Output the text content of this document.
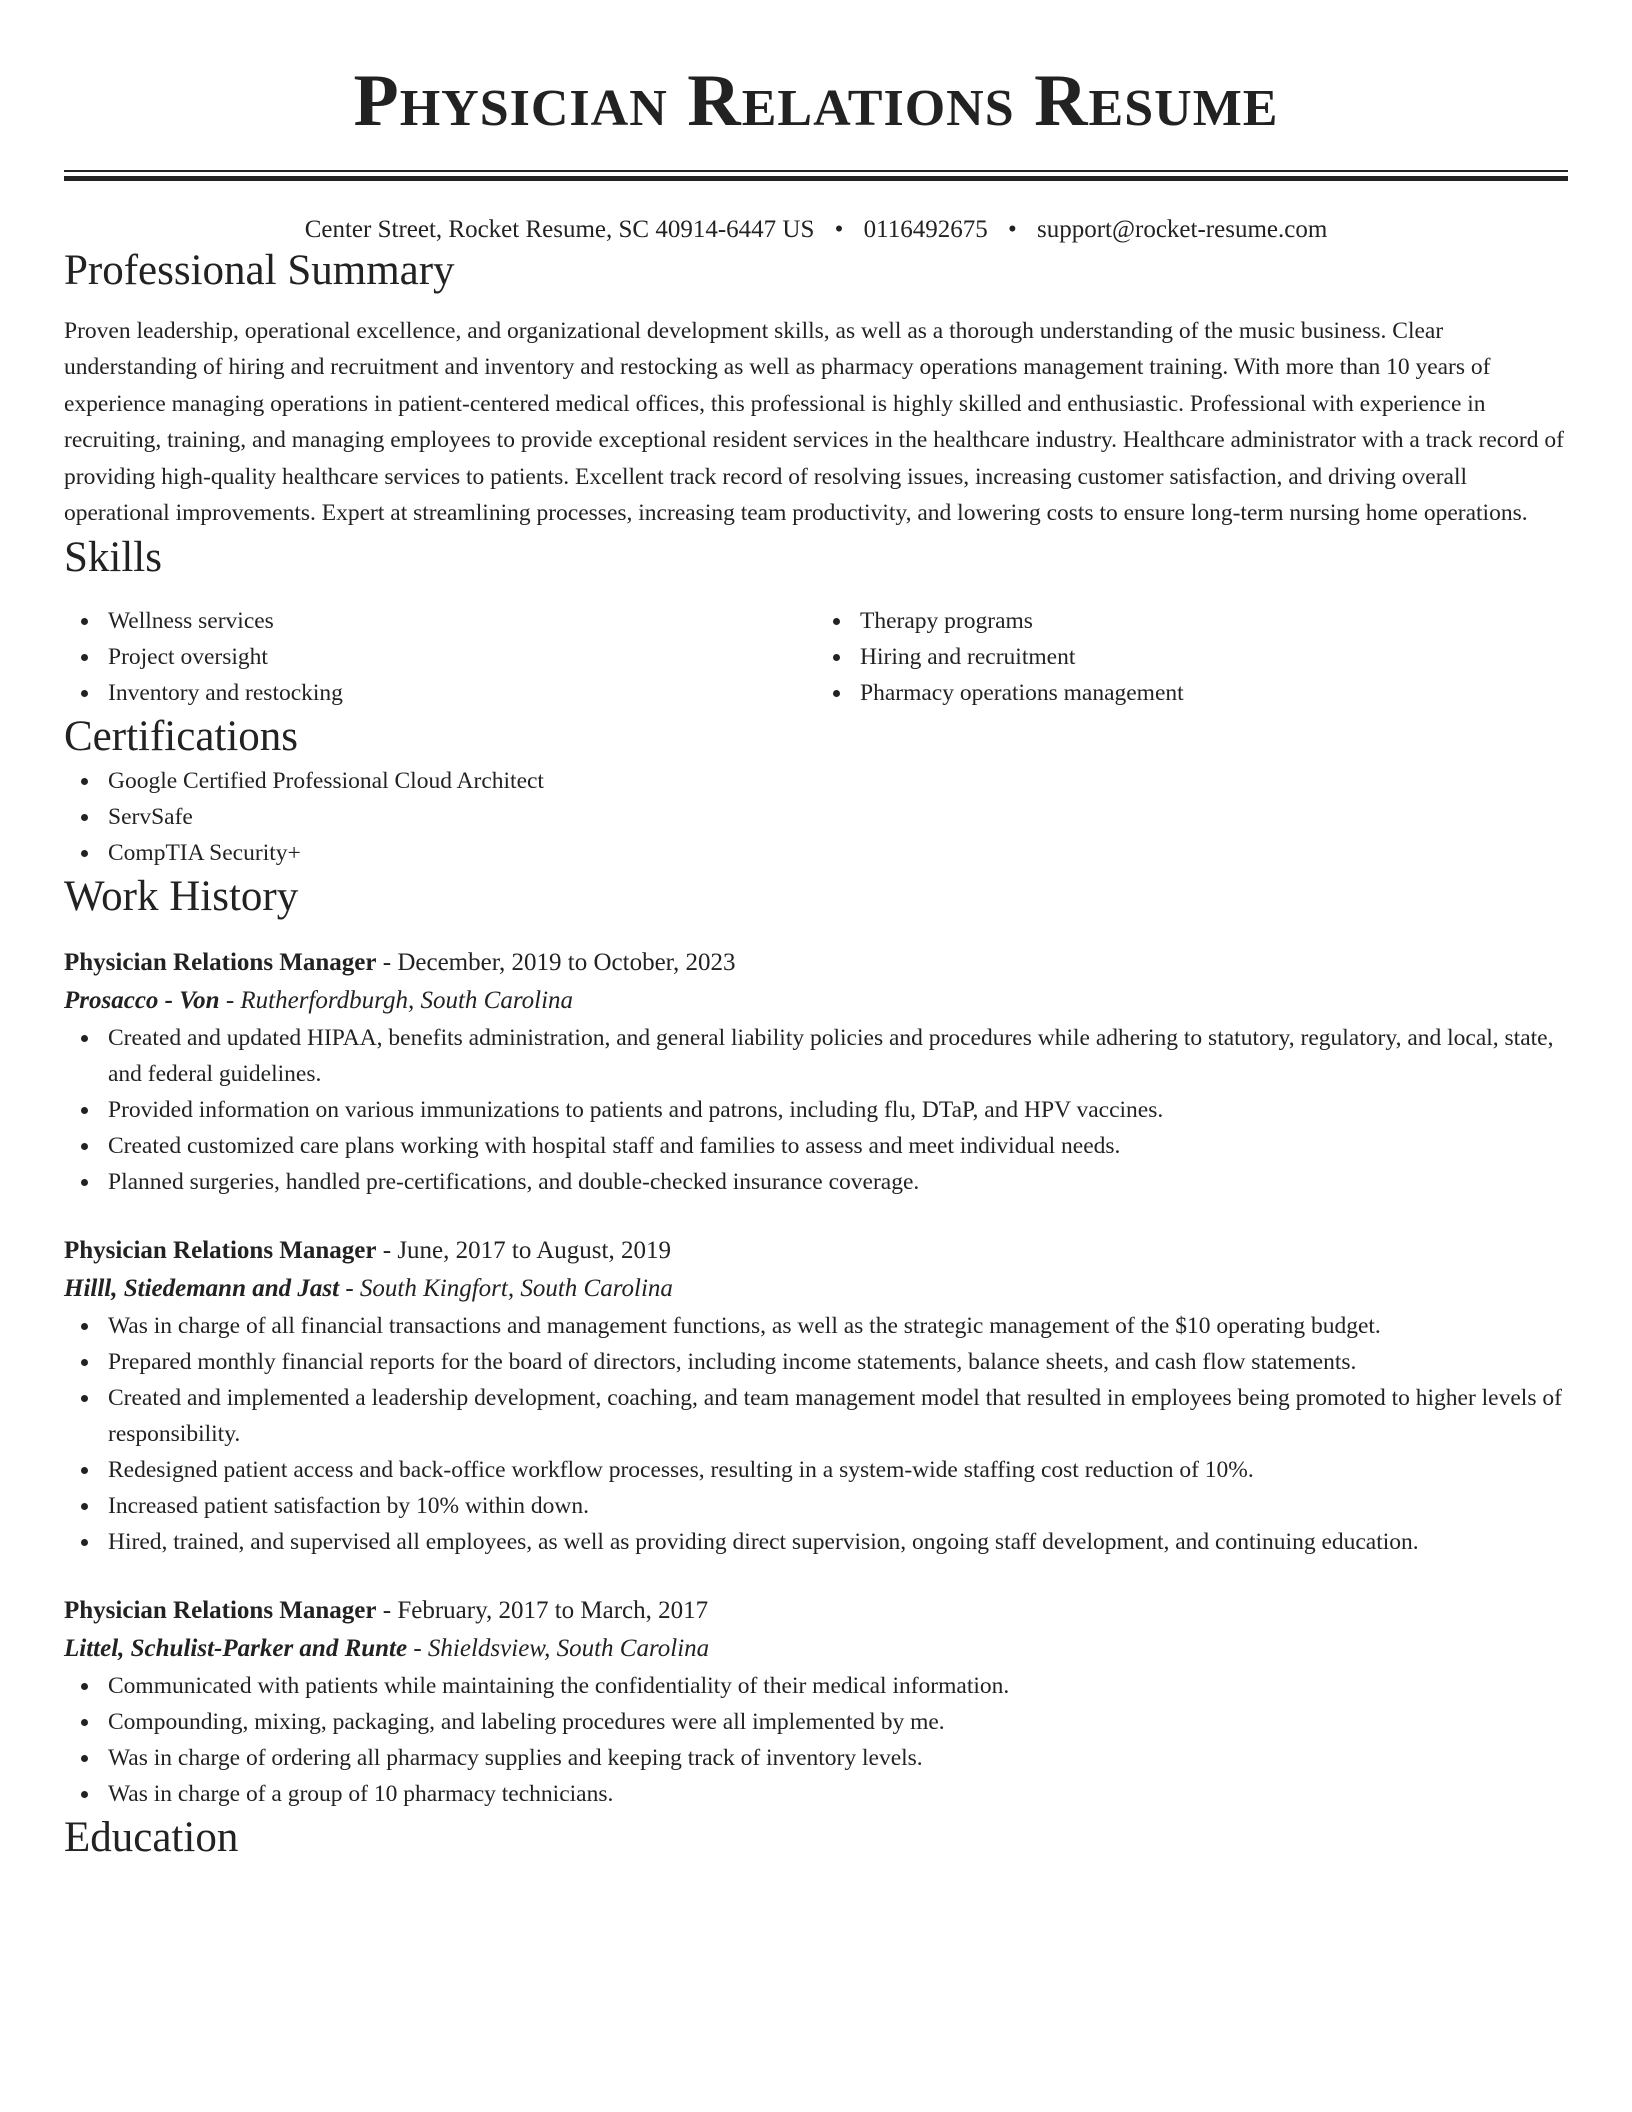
Physician Relations Resume
Center Street, Rocket Resume, SC 40914-6447 US • 0116492675 • support@rocket-resume.com
Professional Summary

Proven leadership, operational excellence, and organizational development skills, as well as a thorough understanding of the music business. Clear understanding of hiring and recruitment and inventory and restocking as well as pharmacy operations management training. With more than 10 years of experience managing operations in patient-centered medical offices, this professional is highly skilled and enthusiastic. Professional with experience in recruiting, training, and managing employees to provide exceptional resident services in the healthcare industry. Healthcare administrator with a track record of providing high-quality healthcare services to patients. Excellent track record of resolving issues, increasing customer satisfaction, and driving overall operational improvements. Expert at streamlining processes, increasing team productivity, and lowering costs to ensure long-term nursing home operations.

Skills
Wellness services
Project oversight
Inventory and restocking
Therapy programs
Hiring and recruitment
Pharmacy operations management
Certifications
Google Certified Professional Cloud Architect
ServSafe
CompTIA Security+
Work History
Physician Relations Manager - December, 2019 to October, 2023
Prosacco - Von - Rutherfordburgh, South Carolina
Created and updated HIPAA, benefits administration, and general liability policies and procedures while adhering to statutory, regulatory, and local, state, and federal guidelines.
Provided information on various immunizations to patients and patrons, including flu, DTaP, and HPV vaccines.
Created customized care plans working with hospital staff and families to assess and meet individual needs.
Planned surgeries, handled pre-certifications, and double-checked insurance coverage.
Physician Relations Manager - June, 2017 to August, 2019
Hilll, Stiedemann and Jast - South Kingfort, South Carolina
Was in charge of all financial transactions and management functions, as well as the strategic management of the $10 operating budget.
Prepared monthly financial reports for the board of directors, including income statements, balance sheets, and cash flow statements.
Created and implemented a leadership development, coaching, and team management model that resulted in employees being promoted to higher levels of responsibility.
Redesigned patient access and back-office workflow processes, resulting in a system-wide staffing cost reduction of 10%.
Increased patient satisfaction by 10% within down.
Hired, trained, and supervised all employees, as well as providing direct supervision, ongoing staff development, and continuing education.
Physician Relations Manager - February, 2017 to March, 2017
Littel, Schulist-Parker and Runte - Shieldsview, South Carolina
Communicated with patients while maintaining the confidentiality of their medical information.
Compounding, mixing, packaging, and labeling procedures were all implemented by me.
Was in charge of ordering all pharmacy supplies and keeping track of inventory levels.
Was in charge of a group of 10 pharmacy technicians.
Education
